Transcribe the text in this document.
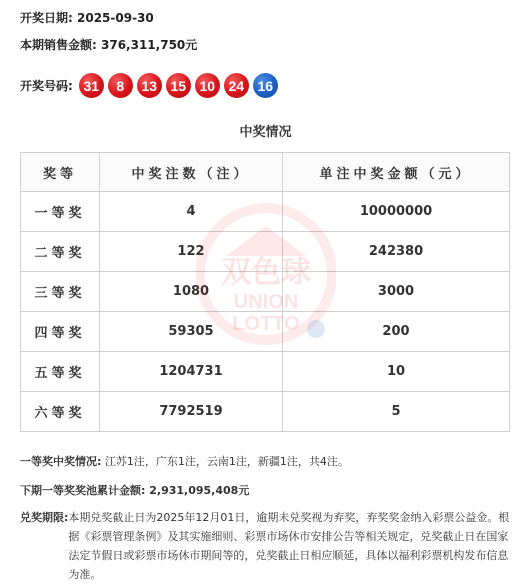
开奖日期: 2025-09-30
本期销售金额: 376,311,750元
开奖号码: 31	8	13 15 10 24 16
中奖情况
奖等	中奖注数（注）	单注中奖金额（元）
一等奖	4	10000000
二等奖	122	242380
三等奖	1080	3000
四等奖	59305	200
五等奖	1204731	10
六等奖	7792519	5
双色球
UNION
LOTTO
一等奖中奖情况: 江苏1注，广东1注，云南1注，新疆1注，共4注。
下期一等奖奖池累计金额: 2,931,095,408元
兑奖期限: 本期兑奖截止日为2025年12月01日，逾期未兑奖视为弃奖，弃奖奖金纳入彩票公益金。根据《彩票管理条例》及其实施细则、彩票市场休市安排公告等相关规定，兑奖截止日在国家法定节假日或彩票市场休市期间等的，兑奖截止日相应顺延，具体以福利彩票机构发布信息为准。
